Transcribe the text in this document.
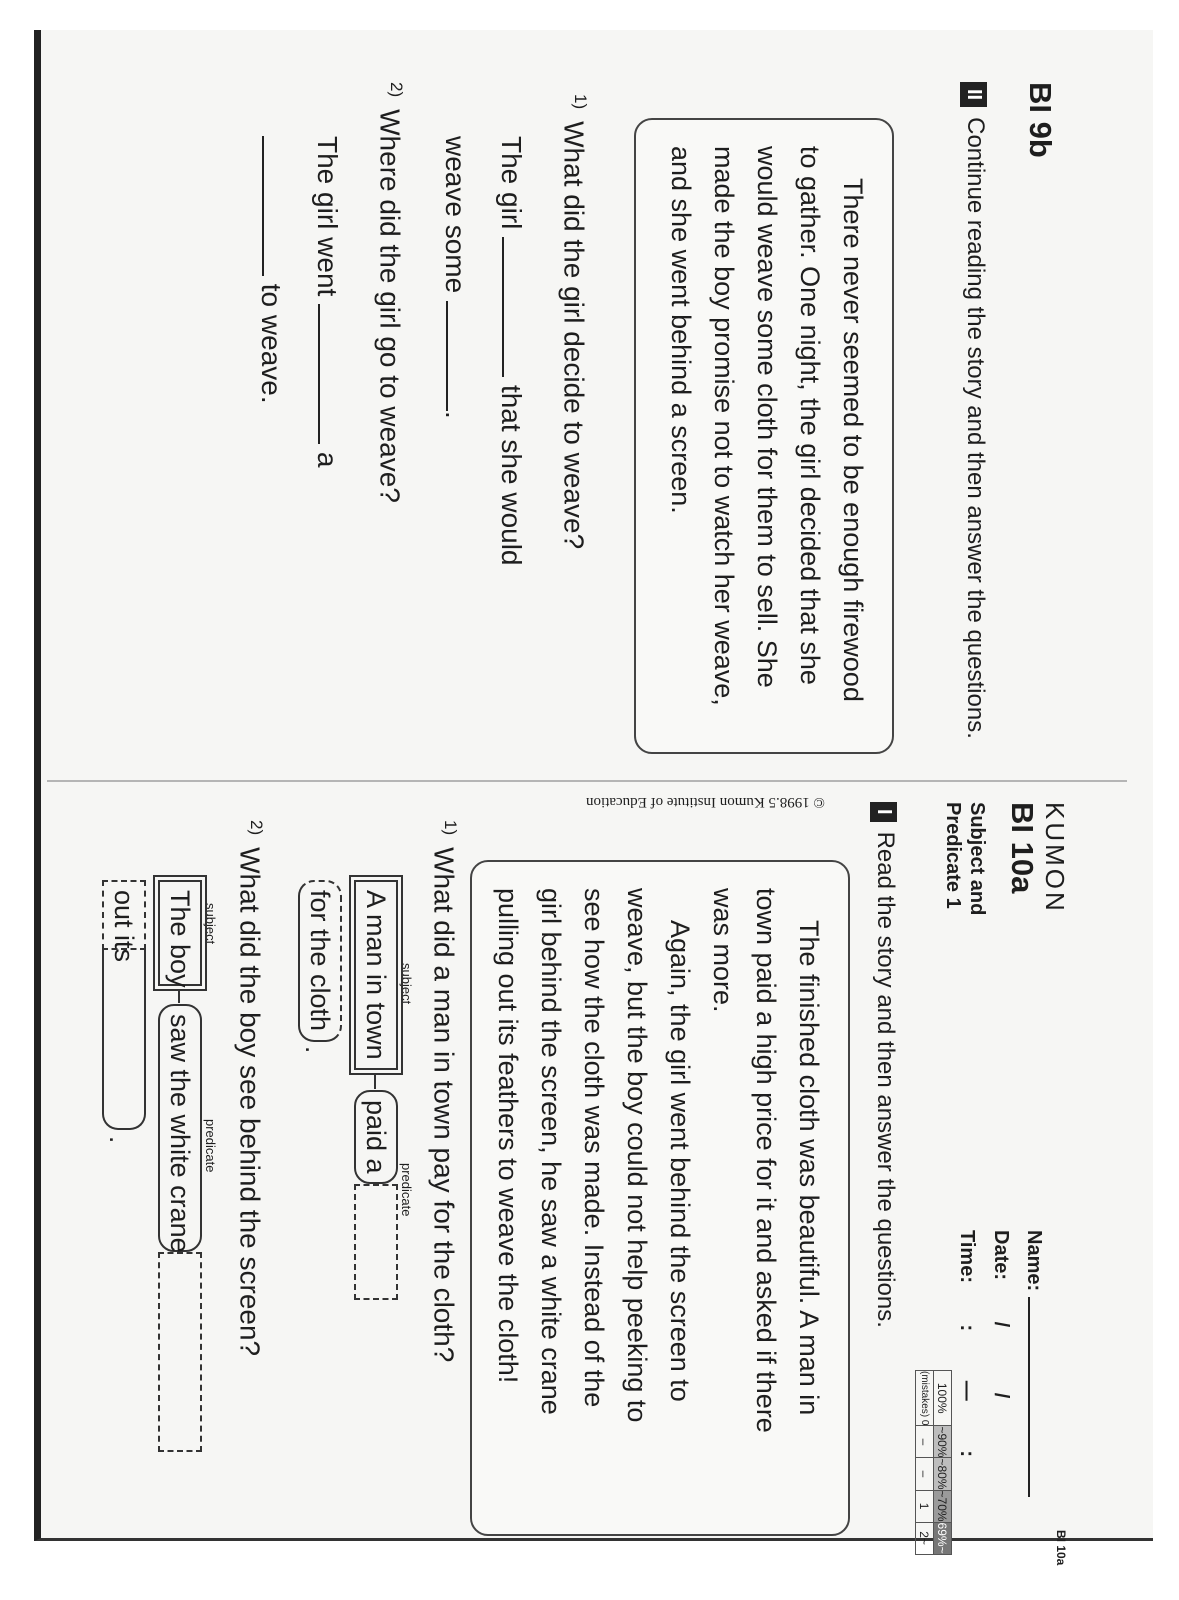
BI 9b
IIContinue reading the story and then answer the questions.

There never seemed to be enough firewood

to gather. One night, the girl decided that she

would weave some cloth for them to sell. She

made the boy promise not to watch her weave,

and she went behind a screen.

$^{1)}$What did the girl decide to weave?
The girl  that she would
weave some .
$^{2)}$Where did the girl go to weave?
The girl went  a
to weave.
© 1998.5 Kumon Institute of Education	KUMON
BI 10a
BI 10a
Subject and
Predicate 1
Name:
Date: / /
Time: : — :
100%	~90%	~80%	~70%	69%~
(mistakes) 0	–	–	1	2~
IRead the story and then answer the questions.

The finished cloth was beautiful. A man in

town paid a high price for it and asked if there

was more.

Again, the girl went behind the screen to

weave, but the boy could not help peeking to

see how the cloth was made. Instead of the

girl behind the screen, he saw a white crane

pulling out its feathers to weave the cloth!

$^{1)}$What did a man in town pay for the cloth?
subject
predicate
A man in town
paid a
for the cloth
.
$^{2)}$What did the boy see behind the screen?
subject
predicate
The boy
saw the white crane
out its
.
